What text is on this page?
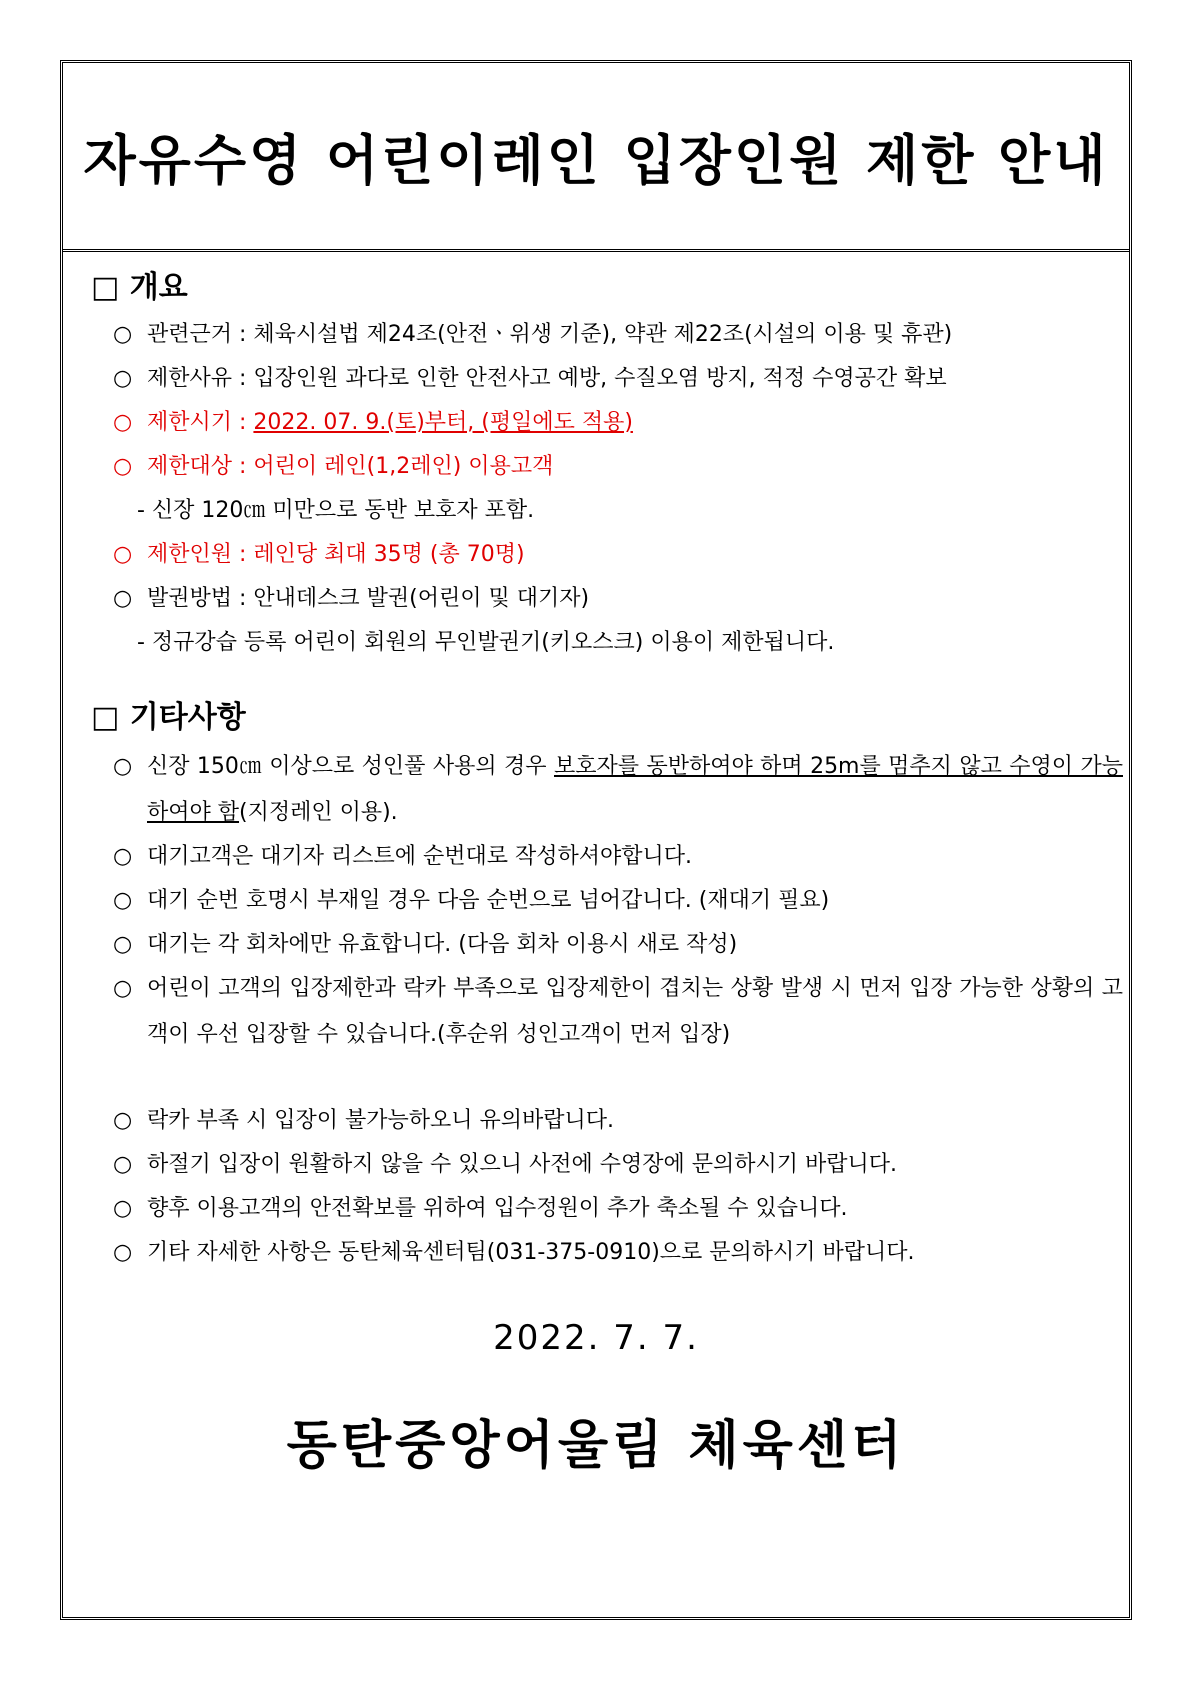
자유수영 어린이레인 입장인원 제한 안내
□ 개요
○ 관련근거 : 체육시설법 제24조(안전ㆍ위생 기준), 약관 제22조(시설의 이용 및 휴관)
○ 제한사유 : 입장인원 과다로 인한 안전사고 예방, 수질오염 방지, 적정 수영공간 확보
○ 제한시기 : 2022. 07. 9.(토)부터, (평일에도 적용)
○ 제한대상 : 어린이 레인(1,2레인) 이용고객
- 신장 120㎝ 미만으로 동반 보호자 포함.
○ 제한인원 : 레인당 최대 35명 (총 70명)
○ 발권방법 : 안내데스크 발권(어린이 및 대기자)
- 정규강습 등록 어린이 회원의 무인발권기(키오스크) 이용이 제한됩니다.
□ 기타사항
○ 신장 150㎝ 이상으로 성인풀 사용의 경우 보호자를 동반하여야 하며 25m를 멈추지 않고 수영이 가능하여야 함(지정레인 이용).
○ 대기고객은 대기자 리스트에 순번대로 작성하셔야합니다.
○ 대기 순번 호명시 부재일 경우 다음 순번으로 넘어갑니다. (재대기 필요)
○ 대기는 각 회차에만 유효합니다. (다음 회차 이용시 새로 작성)
○ 어린이 고객의 입장제한과 락카 부족으로 입장제한이 겹치는 상황 발생 시 먼저 입장 가능한 상황의 고객이 우선 입장할 수 있습니다.(후순위 성인고객이 먼저 입장)
○ 락카 부족 시 입장이 불가능하오니 유의바랍니다.
○ 하절기 입장이 원활하지 않을 수 있으니 사전에 수영장에 문의하시기 바랍니다.
○ 향후 이용고객의 안전확보를 위하여 입수정원이 추가 축소될 수 있습니다.
○ 기타 자세한 사항은 동탄체육센터팀(031-375-0910)으로 문의하시기 바랍니다.
2022. 7. 7.
동탄중앙어울림 체육센터
